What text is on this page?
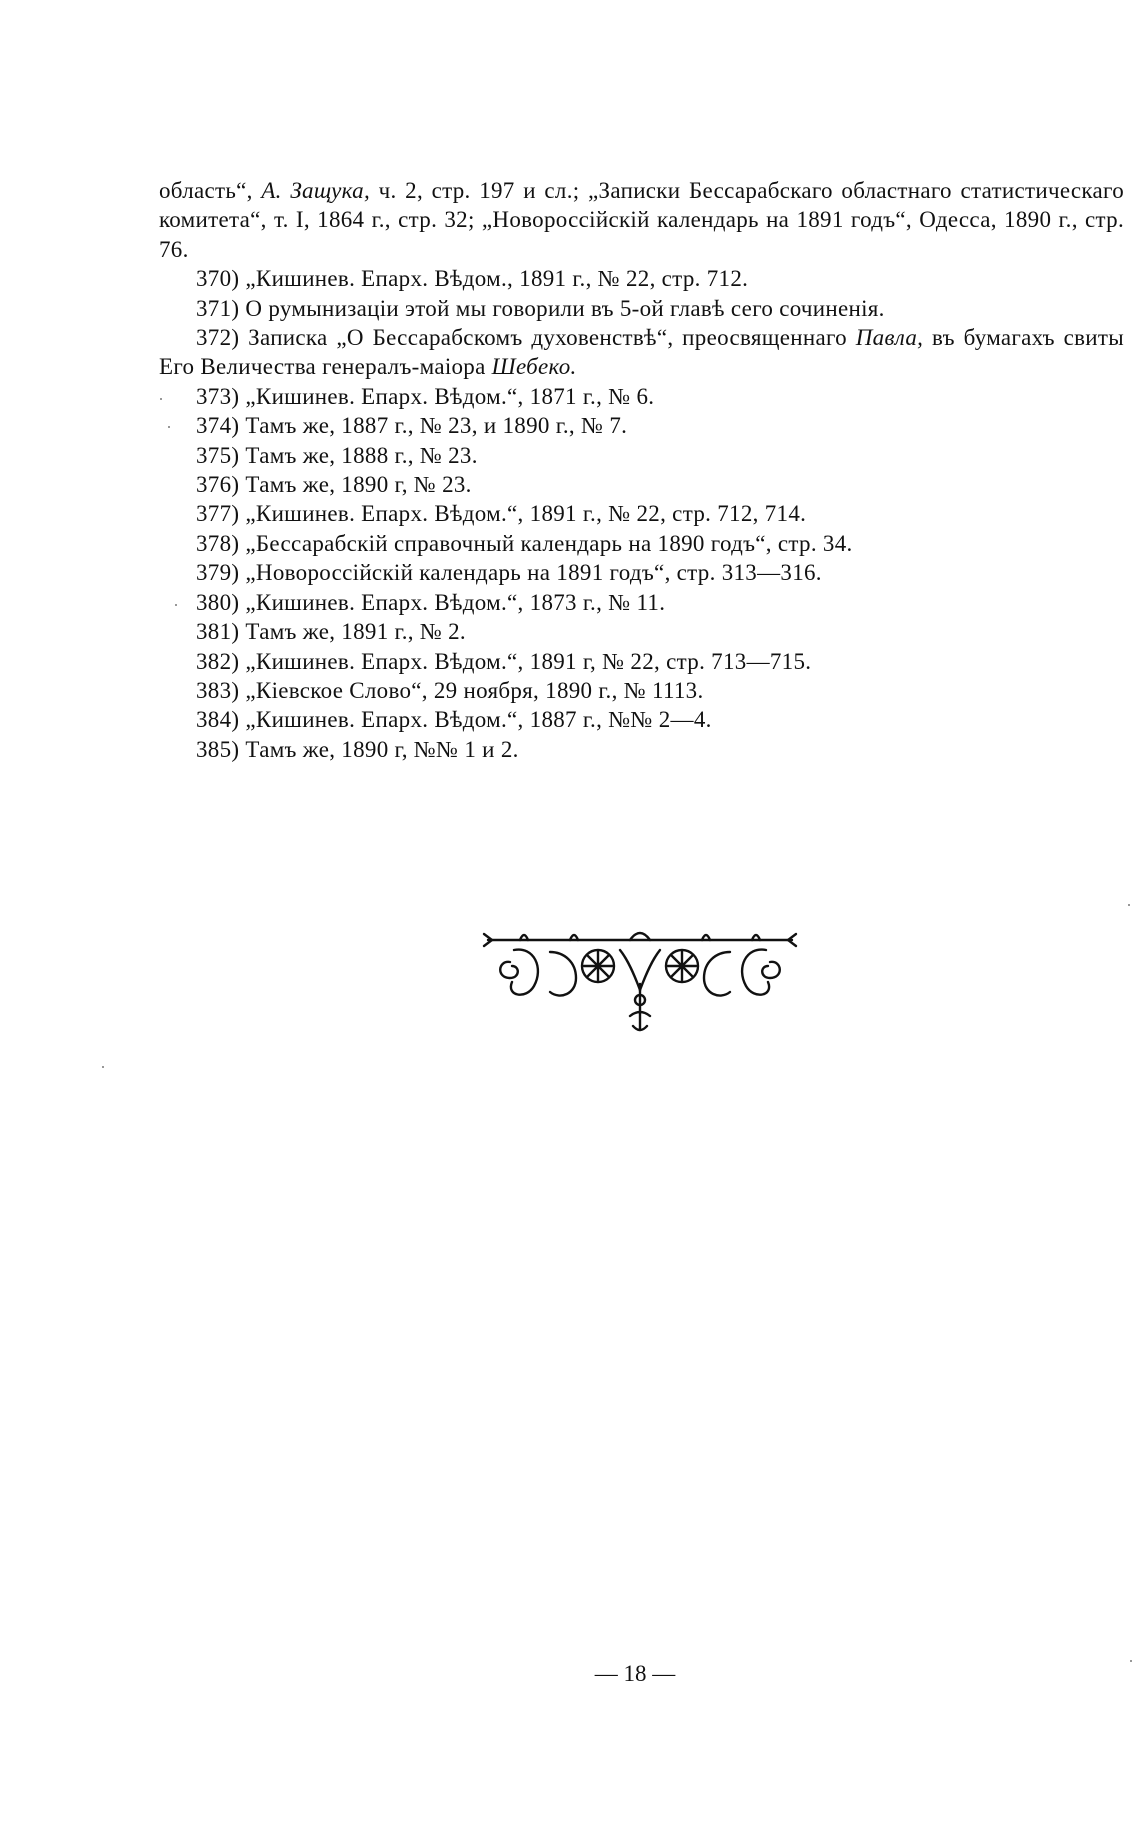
область“, А. Защука, ч. 2, стр. 197 и сл.; „Записки Бессарабскаго областнаго статистическаго комитета“, т. I, 1864 г., стр. 32; „Новороссійскій календарь на 1891 годъ“, Одесса, 1890 г., стр. 76.

370) „Кишинев. Епарх. Вѣдом., 1891 г., № 22, стр. 712.

371) О румынизаціи этой мы говорили въ 5-ой главѣ сего сочиненія.

372) Записка „О Бессарабскомъ духовенствѣ“, преосвященнаго Павла, въ бумагахъ свиты Его Величества генералъ-маіора Шебеко.

373) „Кишинев. Епарх. Вѣдом.“, 1871 г., № 6.

374) Тамъ же, 1887 г., № 23, и 1890 г., № 7.

375) Тамъ же, 1888 г., № 23.

376) Тамъ же, 1890 г, № 23.

377) „Кишинев. Епарх. Вѣдом.“, 1891 г., № 22, стр. 712, 714.

378) „Бессарабскій справочный календарь на 1890 годъ“, стр. 34.

379) „Новороссійскій календарь на 1891 годъ“, стр. 313—316.

380) „Кишинев. Епарх. Вѣдом.“, 1873 г., № 11.

381) Тамъ же, 1891 г., № 2.

382) „Кишинев. Епарх. Вѣдом.“, 1891 г, № 22, стр. 713—715.

383) „Кіевское Слово“, 29 ноября, 1890 г., № 1113.

384) „Кишинев. Епарх. Вѣдом.“, 1887 г., №№ 2—4.

385) Тамъ же, 1890 г, №№ 1 и 2.

— 18 —
